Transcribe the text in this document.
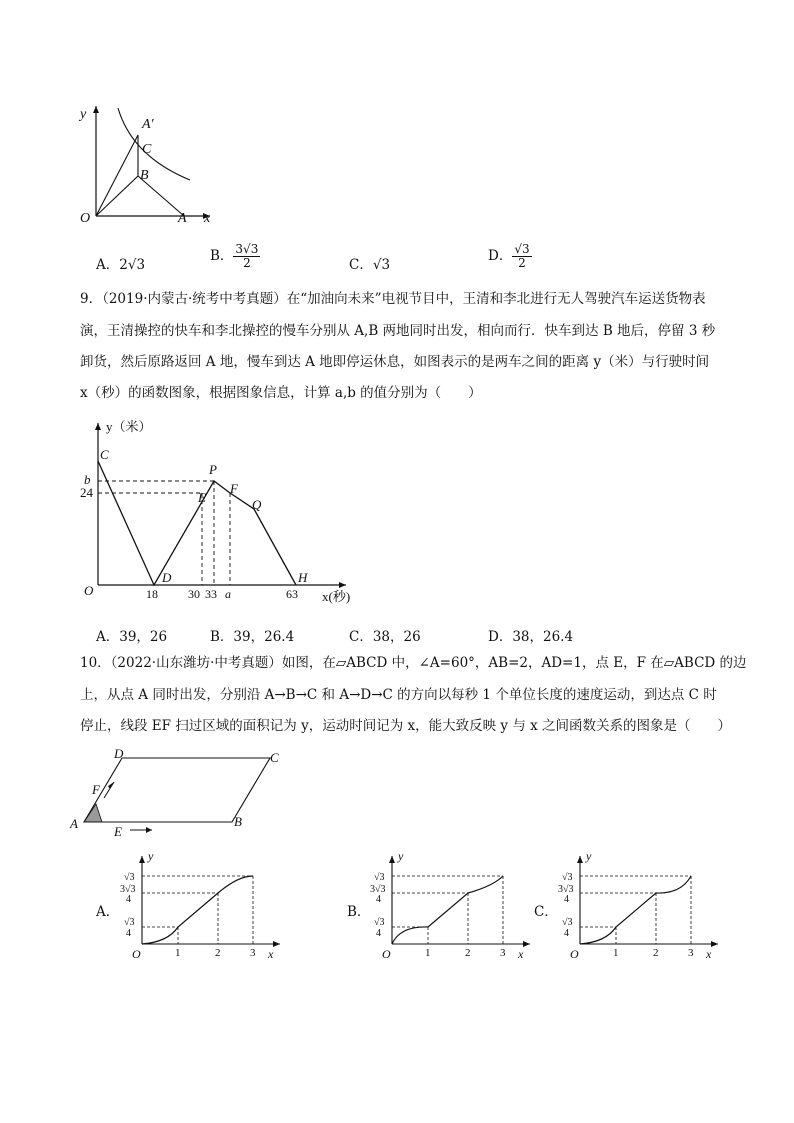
y
x
O	A
B
C
A′
A．2√3
B． $\frac{3√3}{2}$	C．√3
D． $\frac{√3}{2}$
9．（2019·内蒙古·统考中考真题）在“加油向未来”电视节目中，王清和李北进行无人驾驶汽车运送货物表
演，王清操控的快车和李北操控的慢车分别从 A,B 两地同时出发，相向而行．快车到达 B 地后，停留 3 秒
卸货，然后原路返回 A 地，慢车到达 A 地即停运休息，如图表示的是两车之间的距离 y（米）与行驶时间
x（秒）的函数图象，根据图象信息，计算 a,b 的值分别为（　　）
y（米）
x(秒)
b
24
18	30 33 a	63
C
P
E
F
Q
D	H
O
A．39，26	B．39，26.4	C．38，26	D．38，26.4
10．（2022·山东潍坊·中考真题）如图，在▱ABCD 中，∠A=60°，AB=2，AD=1，点 E，F 在▱ABCD 的边
上，从点 A 同时出发，分别沿 A→B→C 和 A→D→C 的方向以每秒 1 个单位长度的速度运动，到达点 C 时
停止，线段 EF 扫过区域的面积记为 y，运动时间记为 x，能大致反映 y 与 x 之间函数关系的图象是（　　）
A	B
C
D
E
F
A．
y
x
O
√3
3√3
4
√3
4
1	2	3
B．
y
x
O
√3
3√3
4
√3
4
1	2	3
C．
y
x
O
√3
3√3
4
√3
4
1	2	3
